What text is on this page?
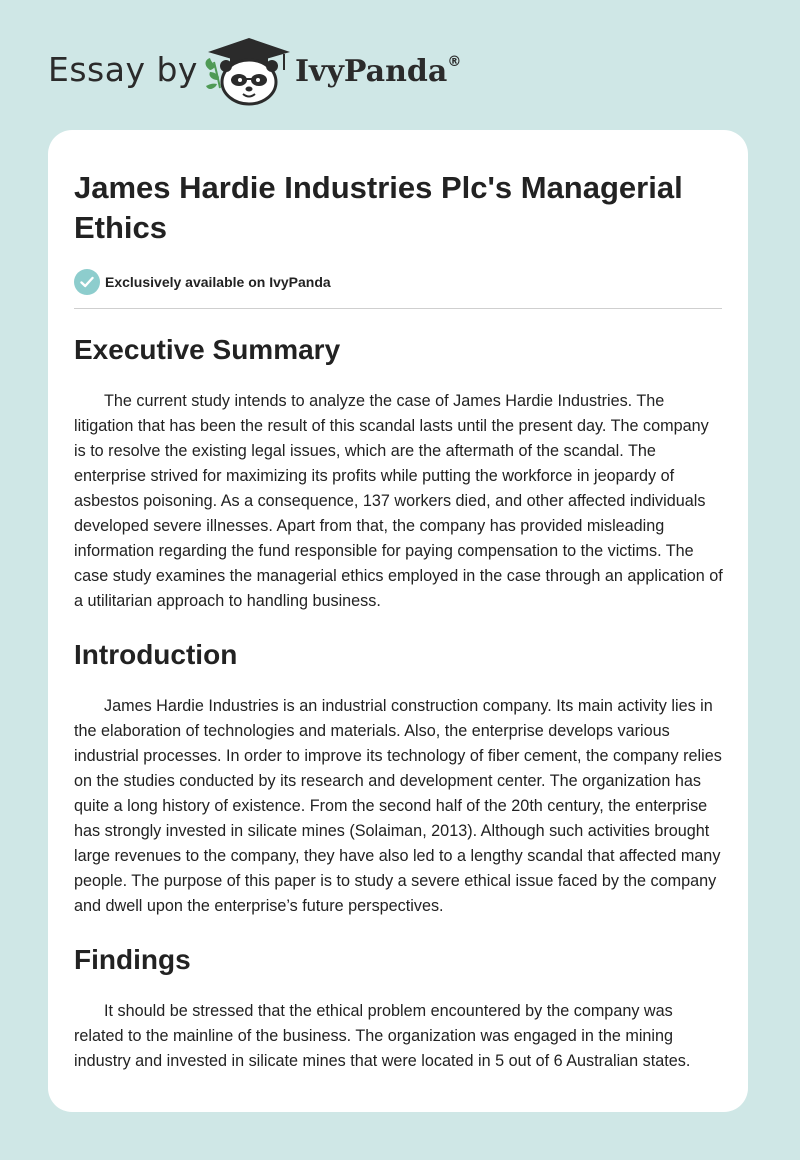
Essay by	IvyPanda®
James Hardie Industries Plc's Managerial Ethics
Exclusively available on IvyPanda
Executive Summary

The current study intends to analyze the case of James Hardie Industries. The litigation that has been the result of this scandal lasts until the present day. The company is to resolve the existing legal issues, which are the aftermath of the scandal. The enterprise strived for maximizing its profits while putting the workforce in jeopardy of asbestos poisoning. As a consequence, 137 workers died, and other affected individuals developed severe illnesses. Apart from that, the company has provided misleading information regarding the fund responsible for paying compensation to the victims. The case study examines the managerial ethics employed in the case through an application of a utilitarian approach to handling business.

Introduction

James Hardie Industries is an industrial construction company. Its main activity lies in the elaboration of technologies and materials. Also, the enterprise develops various industrial processes. In order to improve its technology of fiber cement, the company relies on the studies conducted by its research and development center. The organization has quite a long history of existence. From the second half of the 20th century, the enterprise has strongly invested in silicate mines (Solaiman, 2013). Although such activities brought large revenues to the company, they have also led to a lengthy scandal that affected many people. The purpose of this paper is to study a severe ethical issue faced by the company and dwell upon the enterprise’s future perspectives.

Findings

It should be stressed that the ethical problem encountered by the company was related to the mainline of the business. The organization was engaged in the mining industry and invested in silicate mines that were located in 5 out of 6 Australian states.
